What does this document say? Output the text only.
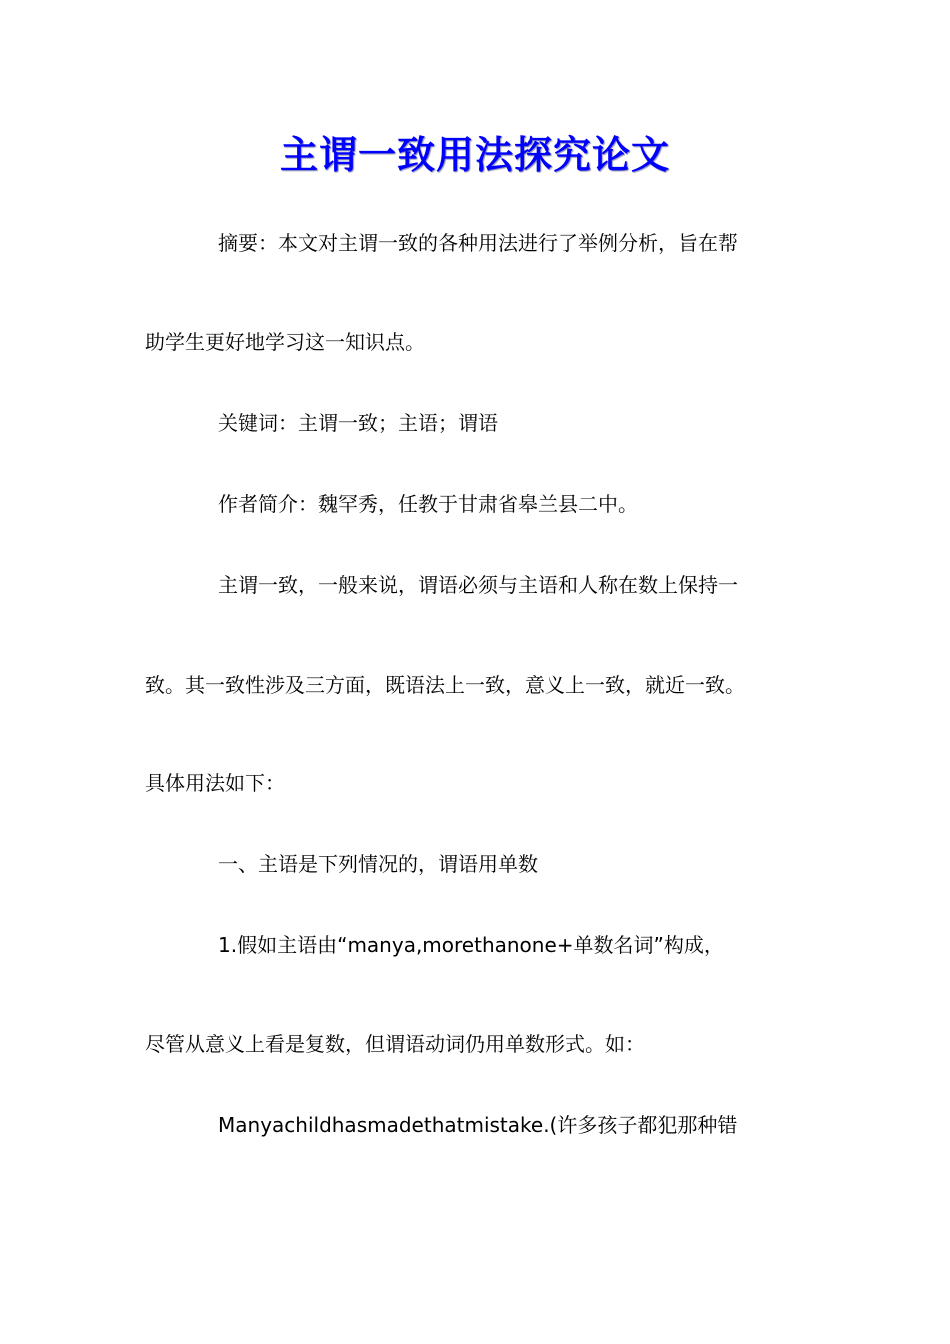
主谓一致用法探究论文
摘要：本文对主谓一致的各种用法进行了举例分析，旨在帮
助学生更好地学习这一知识点。
关键词：主谓一致；主语；谓语
作者简介：魏罕秀，任教于甘肃省皋兰县二中。
主谓一致，一般来说，谓语必须与主语和人称在数上保持一
致。其一致性涉及三方面，既语法上一致，意义上一致，就近一致。
具体用法如下：
一、主语是下列情况的，谓语用单数
1.假如主语由“manya,morethanone+单数名词”构成，
尽管从意义上看是复数，但谓语动词仍用单数形式。如：
Manyachildhasmadethatmistake.(许多孩子都犯那种错
